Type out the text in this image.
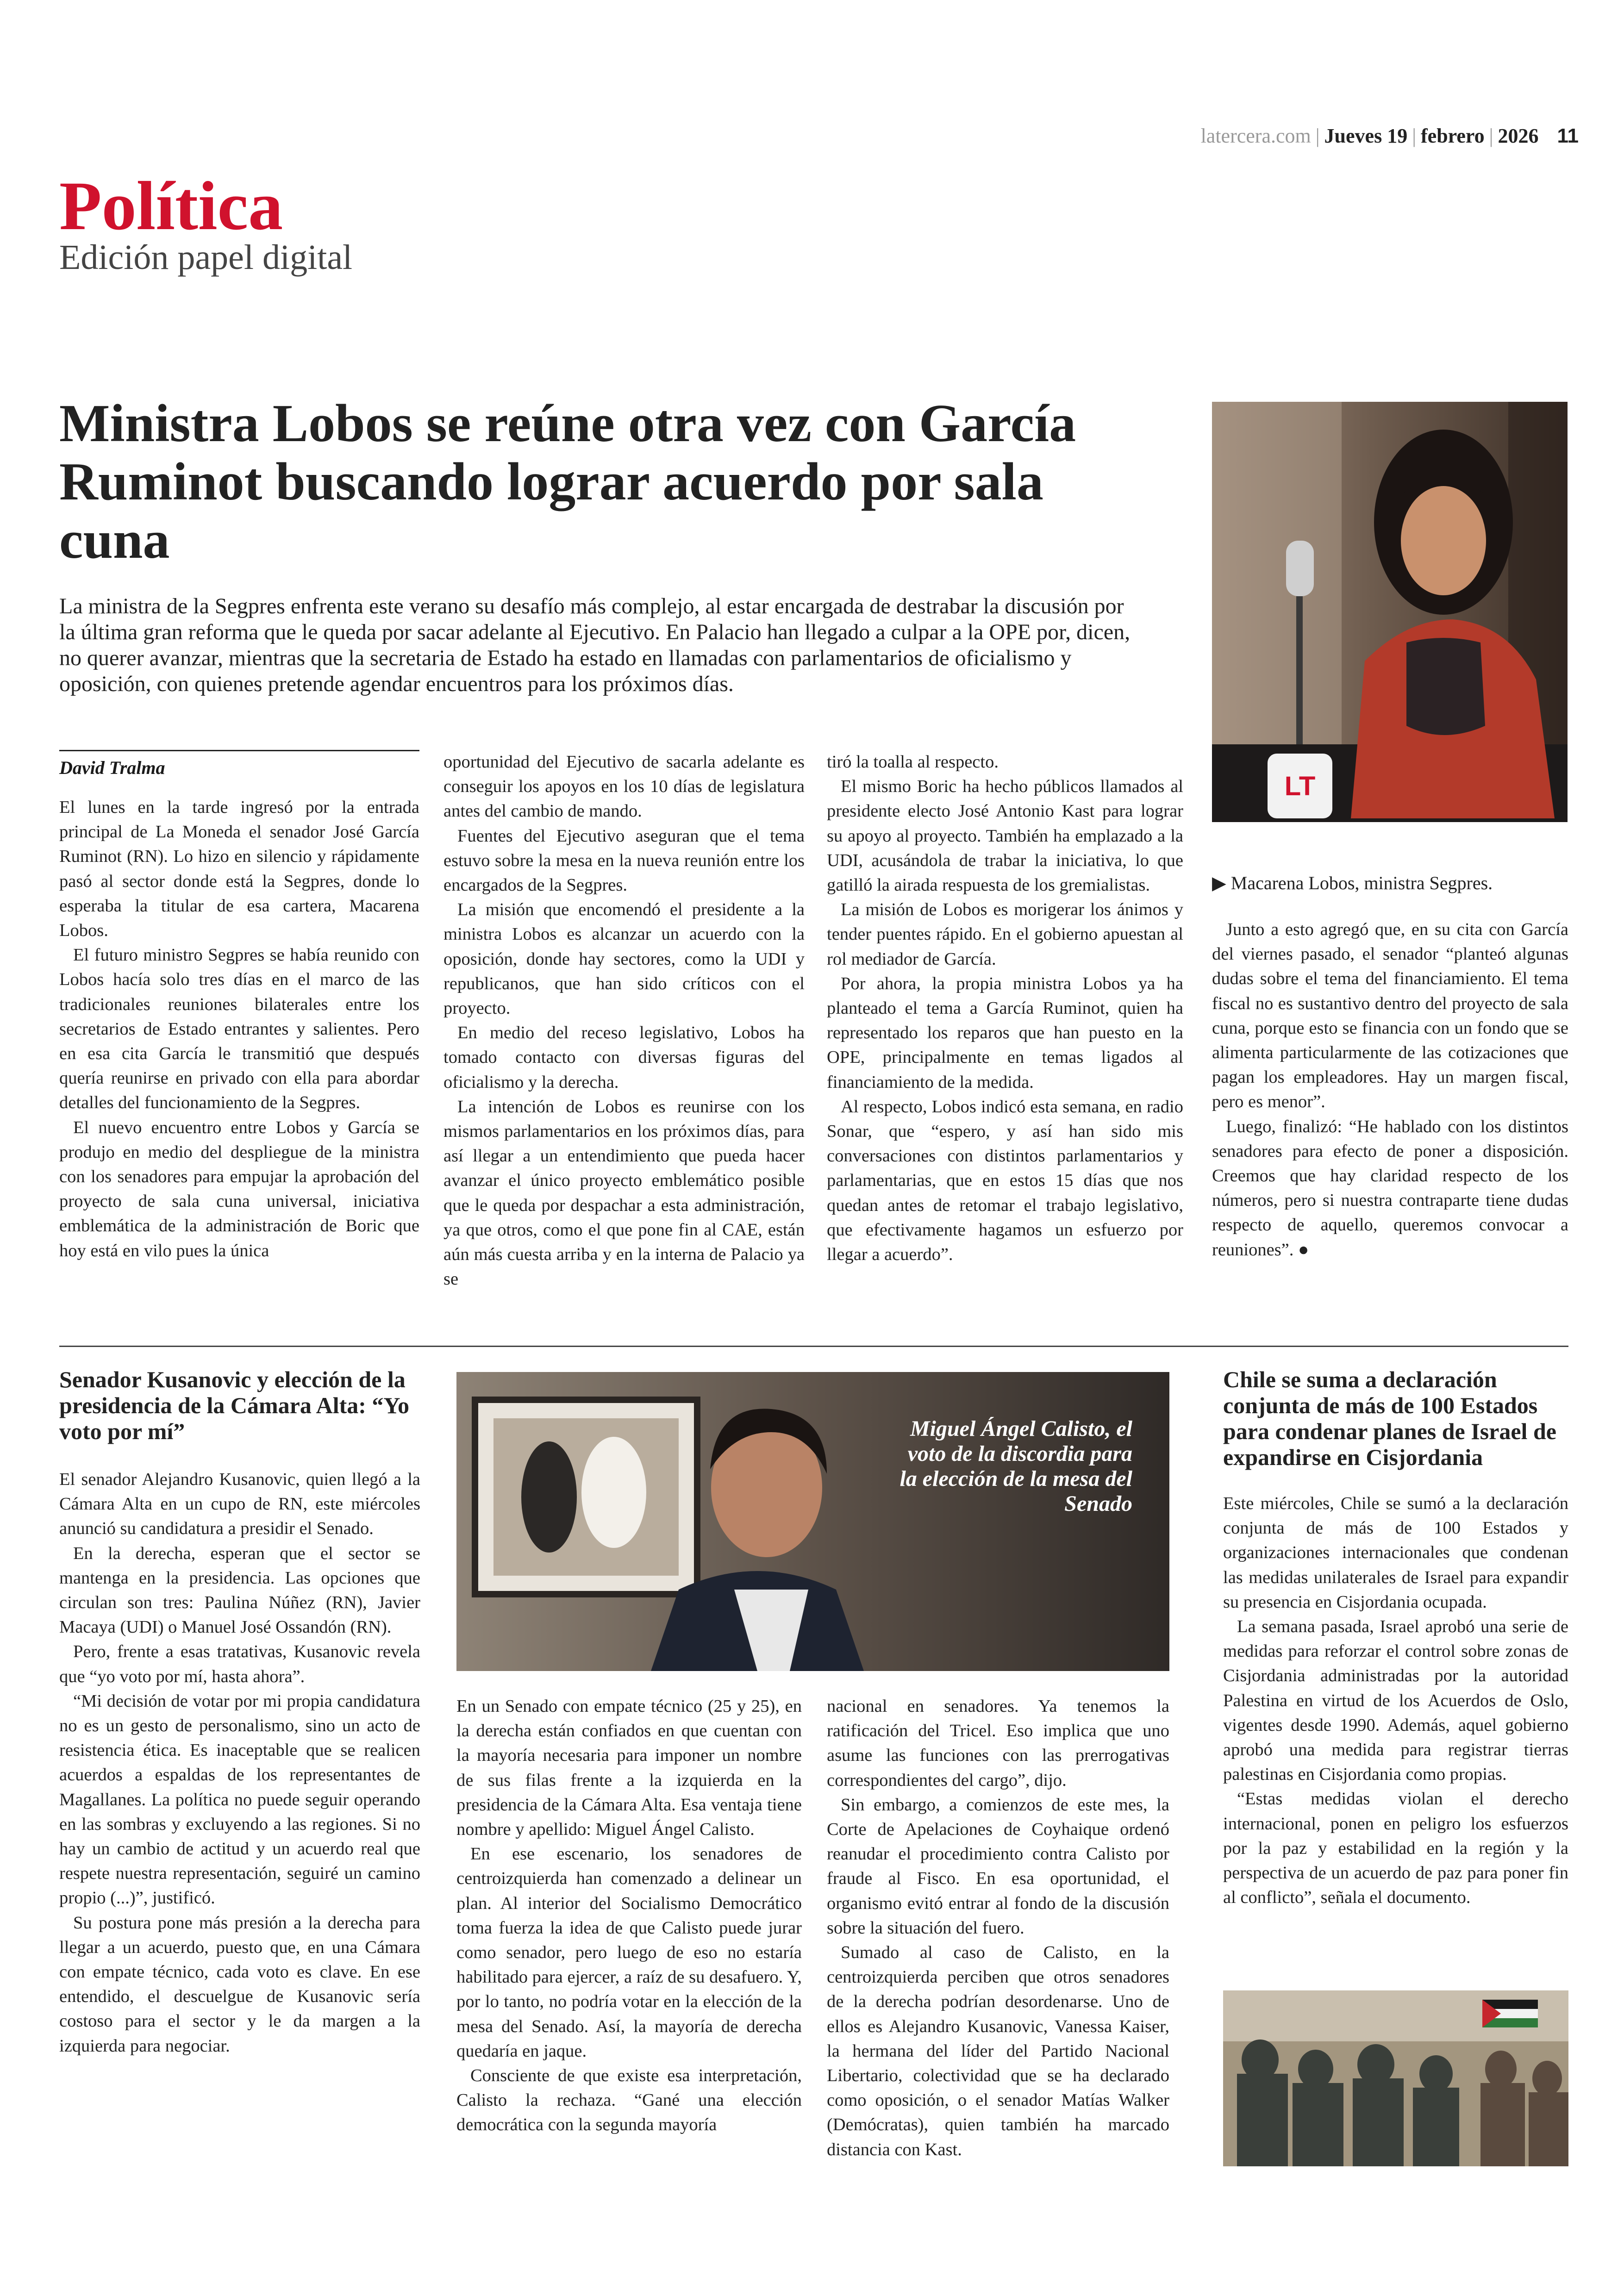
latercera.com | Jueves 19 | febrero | 2026 11
Política
Edición papel digital
Ministra Lobos se reúne otra vez con García Ruminot buscando lograr acuerdo por sala cuna
La ministra de la Segpres enfrenta este verano su desafío más complejo, al estar encargada de destrabar la discusión por la última gran reforma que le queda por sacar adelante al Ejecutivo. En Palacio han llegado a culpar a la OPE por, dicen, no querer avanzar, mientras que la secretaria de Estado ha estado en llamadas con parlamentarios de oficialismo y oposición, con quienes pretende agendar encuentros para los próximos días.
David Tralma

El lunes en la tarde ingresó por la entrada principal de La Moneda el senador José García Ruminot (RN). Lo hizo en silencio y rápidamente pasó al sector donde está la Segpres, donde lo esperaba la titular de esa cartera, Macarena Lobos.

El futuro ministro Segpres se había reunido con Lobos hacía solo tres días en el marco de las tradicionales reuniones bilaterales entre los secretarios de Estado entrantes y salientes. Pero en esa cita García le transmitió que después quería reunirse en privado con ella para abordar detalles del funcionamiento de la Segpres.

El nuevo encuentro entre Lobos y García se produjo en medio del despliegue de la ministra con los senadores para empujar la aprobación del proyecto de sala cuna universal, iniciativa emblemática de la administración de Boric que hoy está en vilo pues la única

oportunidad del Ejecutivo de sacarla adelante es conseguir los apoyos en los 10 días de legislatura antes del cambio de mando.

Fuentes del Ejecutivo aseguran que el tema estuvo sobre la mesa en la nueva reunión entre los encargados de la Segpres.

La misión que encomendó el presidente a la ministra Lobos es alcanzar un acuerdo con la oposición, donde hay sectores, como la UDI y republicanos, que han sido críticos con el proyecto.

En medio del receso legislativo, Lobos ha tomado contacto con diversas figuras del oficialismo y la derecha.

La intención de Lobos es reunirse con los mismos parlamentarios en los próximos días, para así llegar a un entendimiento que pueda hacer avanzar el único proyecto emblemático posible que le queda por despachar a esta administración, ya que otros, como el que pone fin al CAE, están aún más cuesta arriba y en la interna de Palacio ya se

tiró la toalla al respecto.

El mismo Boric ha hecho públicos llamados al presidente electo José Antonio Kast para lograr su apoyo al proyecto. También ha emplazado a la UDI, acusándola de trabar la iniciativa, lo que gatilló la airada respuesta de los gremialistas.

La misión de Lobos es morigerar los ánimos y tender puentes rápido. En el gobierno apuestan al rol mediador de García.

Por ahora, la propia ministra Lobos ya ha planteado el tema a García Ruminot, quien ha representado los reparos que han puesto en la OPE, principalmente en temas ligados al financiamiento de la medida.

Al respecto, Lobos indicó esta semana, en radio Sonar, que “espero, y así han sido mis conversaciones con distintos parlamentarios y parlamentarias, que en estos 15 días que nos quedan antes de retomar el trabajo legislativo, que efectivamente hagamos un esfuerzo por llegar a acuerdo”.

LT
▶ Macarena Lobos, ministra Segpres.

Junto a esto agregó que, en su cita con García del viernes pasado, el senador “planteó algunas dudas sobre el tema del financiamiento. El tema fiscal no es sustantivo dentro del proyecto de sala cuna, porque esto se financia con un fondo que se alimenta particularmente de las cotizaciones que pagan los empleadores. Hay un margen fiscal, pero es menor”.

Luego, finalizó: “He hablado con los distintos senadores para efecto de poner a disposición. Creemos que hay claridad respecto de los números, pero si nuestra contraparte tiene dudas respecto de aquello, queremos convocar a reuniones”. ●

Senador Kusanovic y elección de la presidencia de la Cámara Alta: “Yo voto por mí”

El senador Alejandro Kusanovic, quien llegó a la Cámara Alta en un cupo de RN, este miércoles anunció su candidatura a presidir el Senado.

En la derecha, esperan que el sector se mantenga en la presidencia. Las opciones que circulan son tres: Paulina Núñez (RN), Javier Macaya (UDI) o Manuel José Ossandón (RN).

Pero, frente a esas tratativas, Kusanovic revela que “yo voto por mí, hasta ahora”.

“Mi decisión de votar por mi propia candidatura no es un gesto de personalismo, sino un acto de resistencia ética. Es inaceptable que se realicen acuerdos a espaldas de los representantes de Magallanes. La política no puede seguir operando en las sombras y excluyendo a las regiones. Si no hay un cambio de actitud y un acuerdo real que respete nuestra representación, seguiré un camino propio (...)”, justificó.

Su postura pone más presión a la derecha para llegar a un acuerdo, puesto que, en una Cámara con empate técnico, cada voto es clave. En ese entendido, el descuelgue de Kusanovic sería costoso para el sector y le da margen a la izquierda para negociar.

Miguel Ángel Calisto, el voto de la discordia para la elección de la mesa del Senado

En un Senado con empate técnico (25 y 25), en la derecha están confiados en que cuentan con la mayoría necesaria para imponer un nombre de sus filas frente a la izquierda en la presidencia de la Cámara Alta. Esa ventaja tiene nombre y apellido: Miguel Ángel Calisto.

En ese escenario, los senadores de centroizquierda han comenzado a delinear un plan. Al interior del Socialismo Democrático toma fuerza la idea de que Calisto puede jurar como senador, pero luego de eso no estaría habilitado para ejercer, a raíz de su desafuero. Y, por lo tanto, no podría votar en la elección de la mesa del Senado. Así, la mayoría de derecha quedaría en jaque.

Consciente de que existe esa interpretación, Calisto la rechaza. “Gané una elección democrática con la segunda mayoría

nacional en senadores. Ya tenemos la ratificación del Tricel. Eso implica que uno asume las funciones con las prerrogativas correspondientes del cargo”, dijo.

Sin embargo, a comienzos de este mes, la Corte de Apelaciones de Coyhaique ordenó reanudar el procedimiento contra Calisto por fraude al Fisco. En esa oportunidad, el organismo evitó entrar al fondo de la discusión sobre la situación del fuero.

Sumado al caso de Calisto, en la centroizquierda perciben que otros senadores de la derecha podrían desordenarse. Uno de ellos es Alejandro Kusanovic, Vanessa Kaiser, la hermana del líder del Partido Nacional Libertario, colectividad que se ha declarado como oposición, o el senador Matías Walker (Demócratas), quien también ha marcado distancia con Kast.

Chile se suma a declaración conjunta de más de 100 Estados para condenar planes de Israel de expandirse en Cisjordania

Este miércoles, Chile se sumó a la declaración conjunta de más de 100 Estados y organizaciones internacionales que condenan las medidas unilaterales de Israel para expandir su presencia en Cisjordania ocupada.

La semana pasada, Israel aprobó una serie de medidas para reforzar el control sobre zonas de Cisjordania administradas por la autoridad Palestina en virtud de los Acuerdos de Oslo, vigentes desde 1990. Además, aquel gobierno aprobó una medida para registrar tierras palestinas en Cisjordania como propias.

“Estas medidas violan el derecho internacional, ponen en peligro los esfuerzos por la paz y estabilidad en la región y la perspectiva de un acuerdo de paz para poner fin al conflicto”, señala el documento.
